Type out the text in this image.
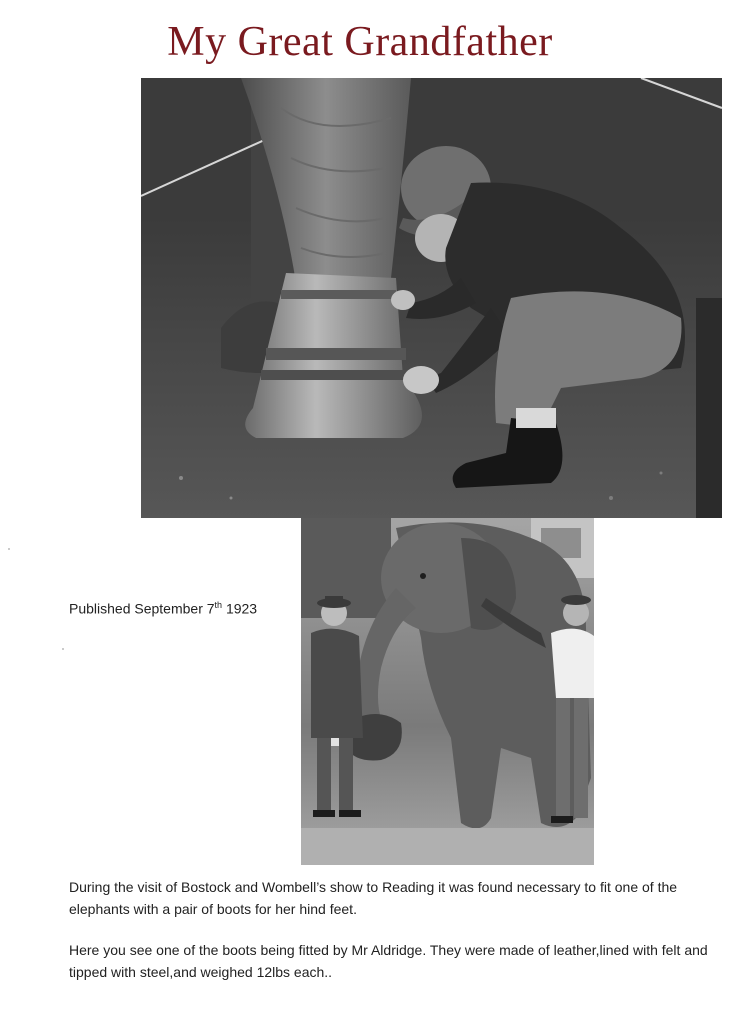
My Great Grandfather
Published September 7th 1923
During the visit of Bostock and Wombell’s show to Reading it was found necessary to fit one of the elephants with a pair of boots for her hind feet.
Here you see one of the boots being fitted by Mr Aldridge. They were made of leather,lined with felt and tipped with steel,and weighed 12lbs each..
